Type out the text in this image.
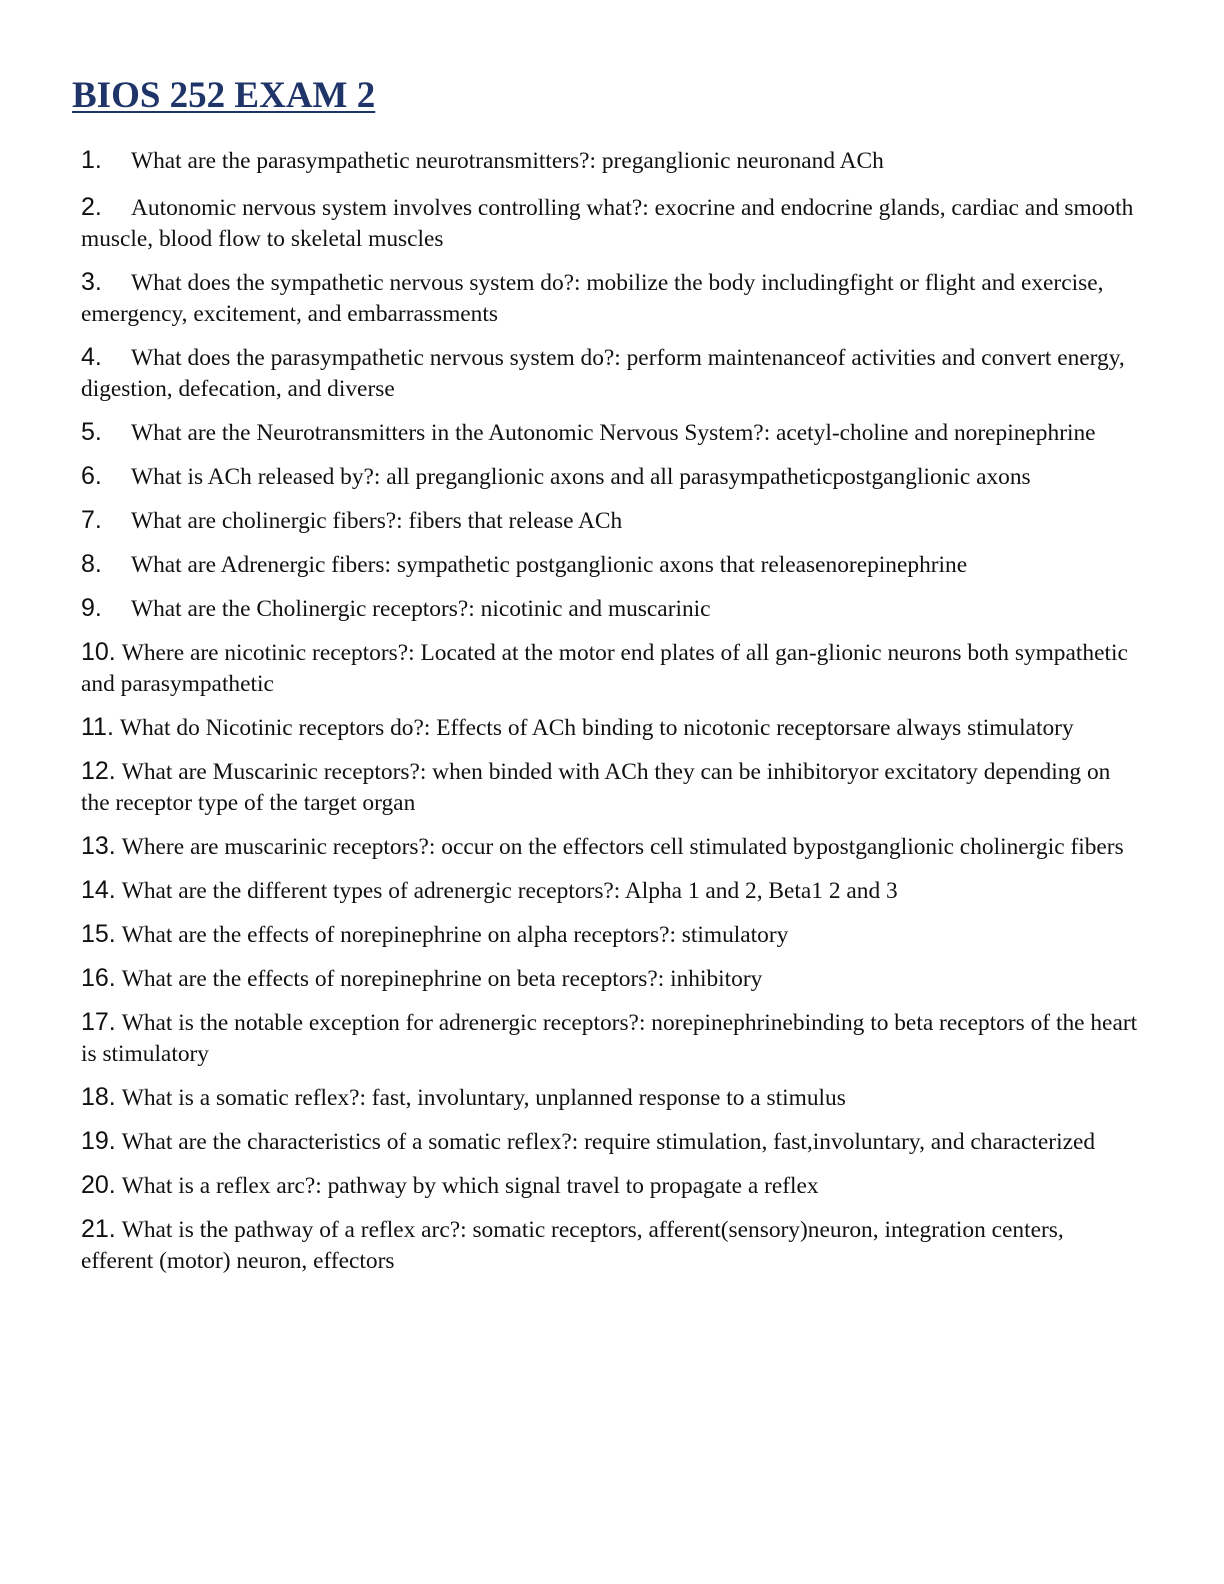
BIOS 252 EXAM 2
1. What are the parasympathetic neurotransmitters?: preganglionic neuronand ACh
2. Autonomic nervous system involves controlling what?: exocrine and endocrine glands, cardiac and smooth muscle, blood flow to skeletal muscles
3. What does the sympathetic nervous system do?: mobilize the body includingfight or flight and exercise, emergency, excitement, and embarrassments
4. What does the parasympathetic nervous system do?: perform maintenanceof activities and convert energy, digestion, defecation, and diverse
5. What are the Neurotransmitters in the Autonomic Nervous System?: acetyl-choline and norepinephrine
6. What is ACh released by?: all preganglionic axons and all parasympatheticpostganglionic axons
7. What are cholinergic fibers?: fibers that release ACh
8. What are Adrenergic fibers: sympathetic postganglionic axons that releasenorepinephrine
9. What are the Cholinergic receptors?: nicotinic and muscarinic
10. Where are nicotinic receptors?: Located at the motor end plates of all gan-glionic neurons both sympathetic and parasympathetic
11. What do Nicotinic receptors do?: Effects of ACh binding to nicotonic receptorsare always stimulatory
12. What are Muscarinic receptors?: when binded with ACh they can be inhibitoryor excitatory depending on the receptor type of the target organ
13. Where are muscarinic receptors?: occur on the effectors cell stimulated bypostganglionic cholinergic fibers
14. What are the different types of adrenergic receptors?: Alpha 1 and 2, Beta1 2 and 3
15. What are the effects of norepinephrine on alpha receptors?: stimulatory
16. What are the effects of norepinephrine on beta receptors?: inhibitory
17. What is the notable exception for adrenergic receptors?: norepinephrinebinding to beta receptors of the heart is stimulatory
18. What is a somatic reflex?: fast, involuntary, unplanned response to a stimulus
19. What are the characteristics of a somatic reflex?: require stimulation, fast,involuntary, and characterized
20. What is a reflex arc?: pathway by which signal travel to propagate a reflex
21. What is the pathway of a reflex arc?: somatic receptors, afferent(sensory)neuron, integration centers, efferent (motor) neuron, effectors
